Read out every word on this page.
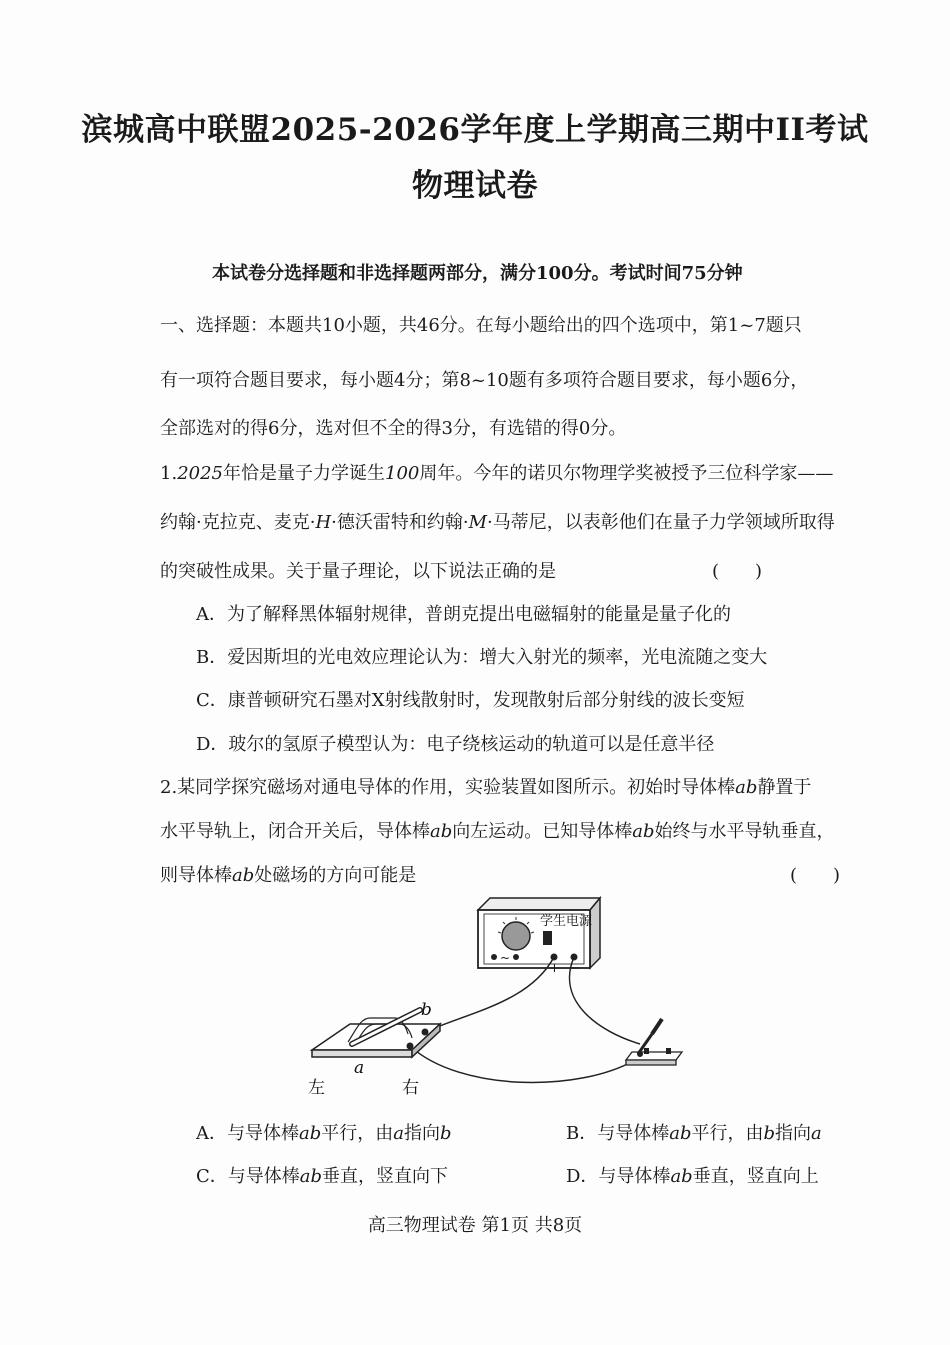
滨城高中联盟2025-2026学年度上学期高三期中II考试
物理试卷
本试卷分选择题和非选择题两部分，满分100分。考试时间75分钟
一、选择题：本题共10小题，共46分。在每小题给出的四个选项中，第1~7题只
有一项符合题目要求，每小题4分；第8~10题有多项符合题目要求，每小题6分，
全部选对的得6分，选对但不全的得3分，有选错的得0分。
1.2025年恰是量子力学诞生100周年。今年的诺贝尔物理学奖被授予三位科学家——
约翰·克拉克、麦克·H·德沃雷特和约翰·M·马蒂尼，以表彰他们在量子力学领域所取得
的突破性成果。关于量子理论，以下说法正确的是	(　　)
A．为了解释黑体辐射规律，普朗克提出电磁辐射的能量是量子化的
B．爱因斯坦的光电效应理论认为：增大入射光的频率，光电流随之变大
C．康普顿研究石墨对X射线散射时，发现散射后部分射线的波长变短
D．玻尔的氢原子模型认为：电子绕核运动的轨道可以是任意半径
2.某同学探究磁场对通电导体的作用，实验装置如图所示。初始时导体棒ab静置于
水平导轨上，闭合开关后，导体棒ab向左运动。已知导体棒ab始终与水平导轨垂直，
则导体棒ab处磁场的方向可能是	(　　)
学生电源
~
+ −
b
a
左	右
A．与导体棒ab平行，由a指向b	B．与导体棒ab平行，由b指向a
C．与导体棒ab垂直，竖直向下	D．与导体棒ab垂直，竖直向上
高三物理试卷 第1页 共8页
